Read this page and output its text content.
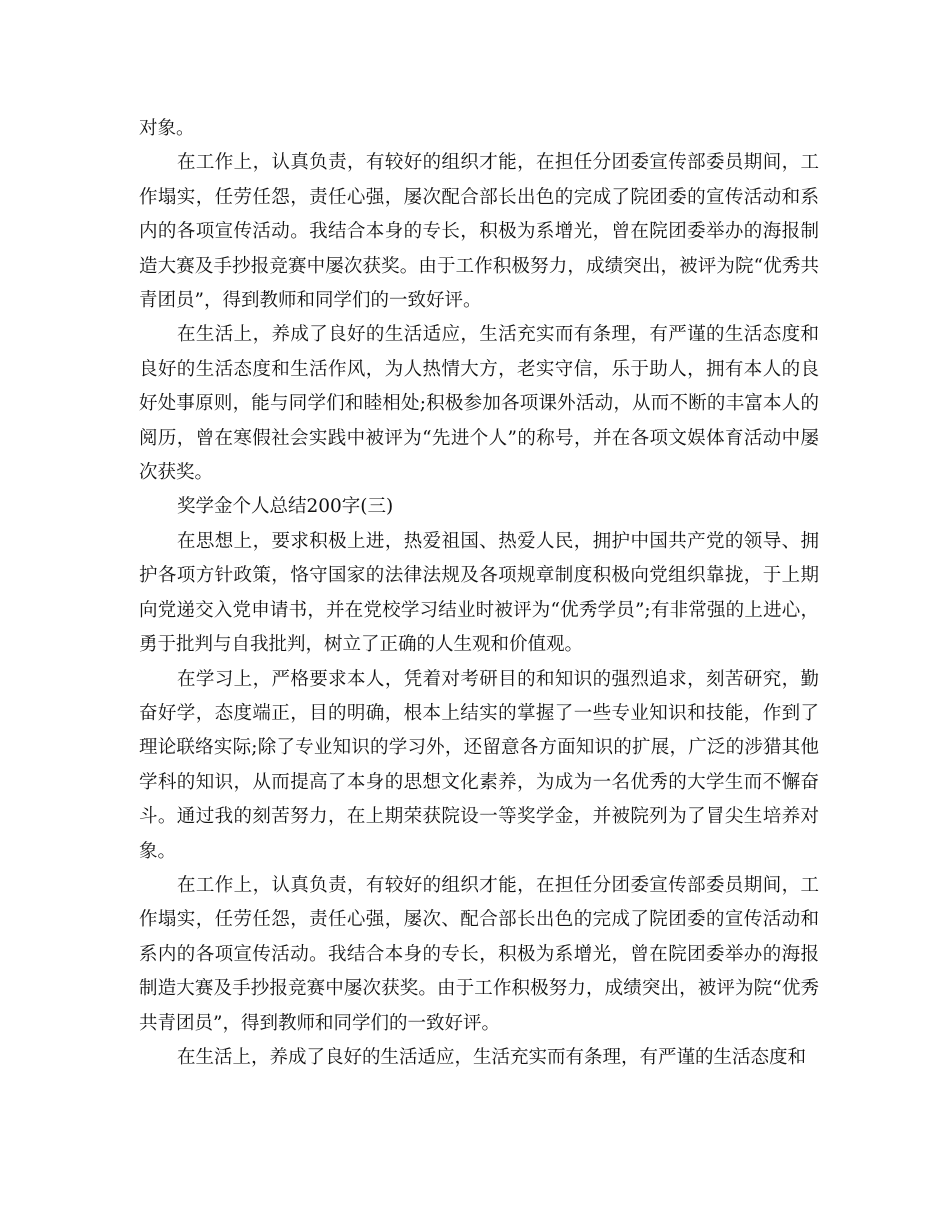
对象。

在工作上，认真负责，有较好的组织才能，在担任分团委宣传部委员期间，工作塌实，任劳任怨，责任心强，屡次配合部长出色的完成了院团委的宣传活动和系内的各项宣传活动。我结合本身的专长，积极为系增光，曾在院团委举办的海报制造大赛及手抄报竞赛中屡次获奖。由于工作积极努力，成绩突出，被评为院“优秀共青团员”，得到教师和同学们的一致好评。

在生活上，养成了良好的生活适应，生活充实而有条理，有严谨的生活态度和良好的生活态度和生活作风，为人热情大方，老实守信，乐于助人，拥有本人的良好处事原则，能与同学们和睦相处;积极参加各项课外活动，从而不断的丰富本人的阅历，曾在寒假社会实践中被评为“先进个人”的称号，并在各项文娱体育活动中屡次获奖。

奖学金个人总结200字(三)

在思想上，要求积极上进，热爱祖国、热爱人民，拥护中国共产党的领导、拥护各项方针政策，恪守国家的法律法规及各项规章制度积极向党组织靠拢，于上期向党递交入党申请书，并在党校学习结业时被评为“优秀学员”;有非常强的上进心，勇于批判与自我批判，树立了正确的人生观和价值观。

在学习上，严格要求本人，凭着对考研目的和知识的强烈追求，刻苦研究，勤奋好学，态度端正，目的明确，根本上结实的掌握了一些专业知识和技能，作到了理论联络实际;除了专业知识的学习外，还留意各方面知识的扩展，广泛的涉猎其他学科的知识，从而提高了本身的思想文化素养，为成为一名优秀的大学生而不懈奋斗。通过我的刻苦努力，在上期荣获院设一等奖学金，并被院列为了冒尖生培养对象。

在工作上，认真负责，有较好的组织才能，在担任分团委宣传部委员期间，工作塌实，任劳任怨，责任心强，屡次、配合部长出色的完成了院团委的宣传活动和系内的各项宣传活动。我结合本身的专长，积极为系增光，曾在院团委举办的海报制造大赛及手抄报竞赛中屡次获奖。由于工作积极努力，成绩突出，被评为院“优秀共青团员”，得到教师和同学们的一致好评。

在生活上，养成了良好的生活适应，生活充实而有条理，有严谨的生活态度和
